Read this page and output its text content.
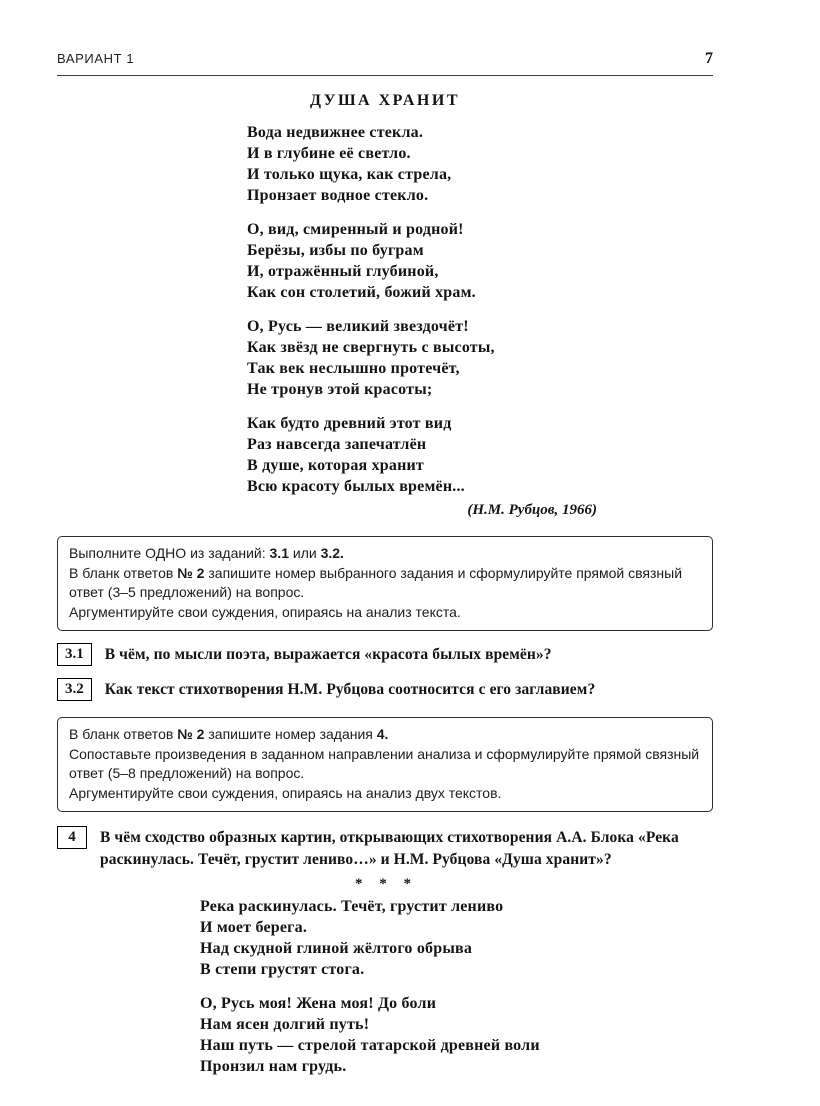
ВАРИАНТ 1	7
ДУША ХРАНИТ
Вода недвижнее стекла.
И в глубине её светло.
И только щука, как стрела,
Пронзает водное стекло.
О, вид, смиренный и родной!
Берёзы, избы по буграм
И, отражённый глубиной,
Как сон столетий, божий храм.
О, Русь — великий звездочёт!
Как звёзд не свергнуть с высоты,
Так век неслышно протечёт,
Не тронув этой красоты;
Как будто древний этот вид
Раз навсегда запечатлён
В душе, которая хранит
Всю красоту былых времён...
(Н.М. Рубцов, 1966)

Выполните ОДНО из заданий: 3.1 или 3.2.

В бланк ответов № 2 запишите номер выбранного задания и сформулируйте прямой связный ответ (3–5 предложений) на вопрос.

Аргументируйте свои суждения, опираясь на анализ текста.

3.1	В чём, по мысли поэта, выражается «красота былых времён»?
3.2	Как текст стихотворения Н.М. Рубцова соотносится с его заглавием?

В бланк ответов № 2 запишите номер задания 4.

Сопоставьте произведения в заданном направлении анализа и сформулируйте прямой связный ответ (5–8 предложений) на вопрос.

Аргументируйте свои суждения, опираясь на анализ двух текстов.

4	В чём сходство образных картин, открывающих стихотворения А.А. Блока «Река раскинулась. Течёт, грустит лениво…» и Н.М. Рубцова «Душа хранит»?
* * *
Река раскинулась. Течёт, грустит лениво
И моет берега.
Над скудной глиной жёлтого обрыва
В степи грустят стога.
О, Русь моя! Жена моя! До боли
Нам ясен долгий путь!
Наш путь — стрелой татарской древней воли
Пронзил нам грудь.
